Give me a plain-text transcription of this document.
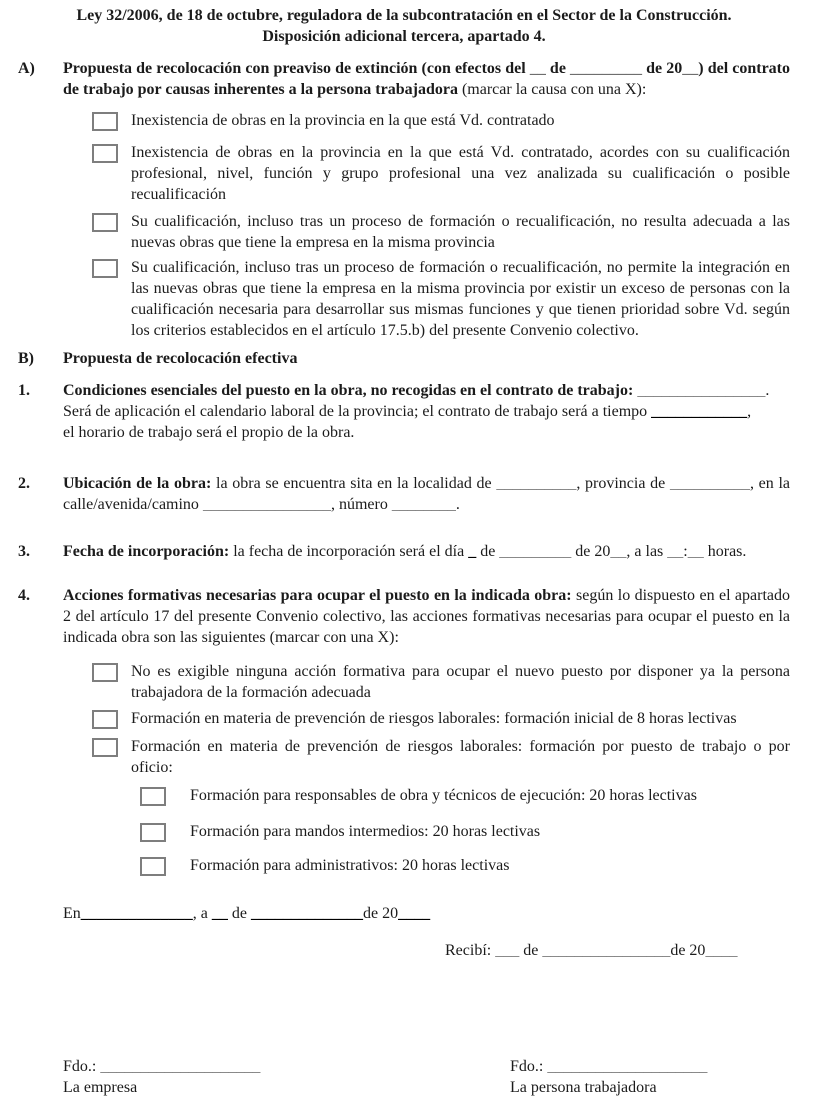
Ley 32/2006, de 18 de octubre, reguladora de la subcontratación en el Sector de la Construcción.
Disposición adicional tercera, apartado 4.
A)	Propuesta de recolocación con preaviso de extinción (con efectos del __ de _________ de 20__) del contrato de trabajo por causas inherentes a la persona trabajadora (marcar la causa con una X):
Inexistencia de obras en la provincia en la que está Vd. contratado
Inexistencia de obras en la provincia en la que está Vd. contratado, acordes con su cualificación profesional, nivel, función y grupo profesional una vez analizada su cualificación o posible recualificación
Su cualificación, incluso tras un proceso de formación o recualificación, no resulta adecuada a las nuevas obras que tiene la empresa en la misma provincia
Su cualificación, incluso tras un proceso de formación o recualificación, no permite la integración en las nuevas obras que tiene la empresa en la misma provincia por existir un exceso de personas con la cualificación necesaria para desarrollar sus mismas funciones y que tienen prioridad sobre Vd. según los criterios establecidos en el artículo 17.5.b) del presente Convenio colectivo.
B)	Propuesta de recolocación efectiva
1.	Condiciones esenciales del puesto en la obra, no recogidas en el contrato de trabajo: ________________.
Será de aplicación el calendario laboral de la provincia; el contrato de trabajo será a tiempo ____________,
el horario de trabajo será el propio de la obra.
2.	Ubicación de la obra: la obra se encuentra sita en la localidad de __________, provincia de __________, en la calle/avenida/camino ________________, número ________.
3.	Fecha de incorporación: la fecha de incorporación será el día _ de _________ de 20__, a las __:__ horas.
4.	Acciones formativas necesarias para ocupar el puesto en la indicada obra: según lo dispuesto en el apartado 2 del artículo 17 del presente Convenio colectivo, las acciones formativas necesarias para ocupar el puesto en la indicada obra son las siguientes (marcar con una X):
No es exigible ninguna acción formativa para ocupar el nuevo puesto por disponer ya la persona trabajadora de la formación adecuada
Formación en materia de prevención de riesgos laborales: formación inicial de 8 horas lectivas
Formación en materia de prevención de riesgos laborales: formación por puesto de trabajo o por oficio:
Formación para responsables de obra y técnicos de ejecución: 20 horas lectivas
Formación para mandos intermedios: 20 horas lectivas
Formación para administrativos: 20 horas lectivas
En______________, a __ de ______________de 20____
Recibí: ___ de ________________de 20____
Fdo.: ____________________
La empresa
Fdo.: ____________________
La persona trabajadora
